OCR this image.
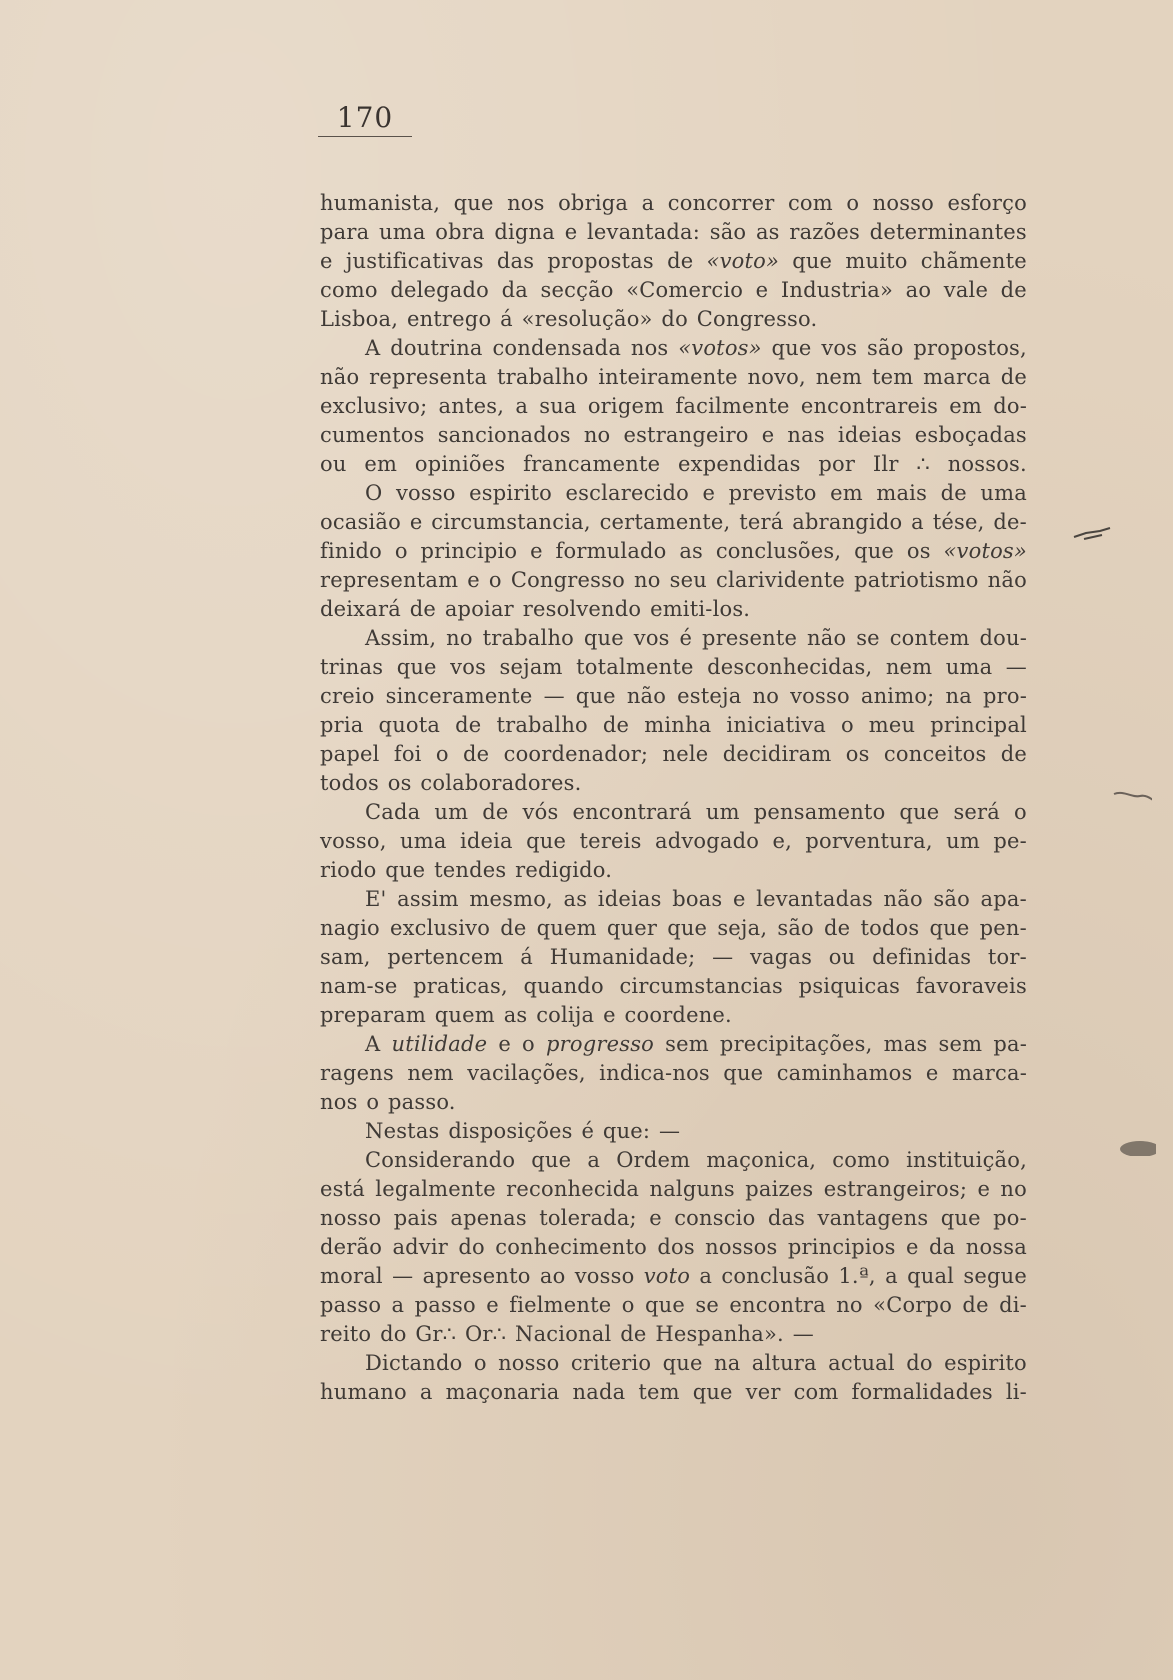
170
humanista, que nos obriga a concorrer com o nosso esforço
para uma obra digna e levantada: são as razões determinantes
e justificativas das propostas de «voto» que muito chãmente
como delegado da secção «Comercio e Industria» ao vale de
Lisboa, entrego á «resolução» do Congresso.
A doutrina condensada nos «votos» que vos são propostos,
não representa trabalho inteiramente novo, nem tem marca de
exclusivo; antes, a sua origem facilmente encontrareis em do-
cumentos sancionados no estrangeiro e nas ideias esboçadas
ou em opiniões francamente expendidas por Ilr ∴ nossos.
O vosso espirito esclarecido e previsto em mais de uma
ocasião e circumstancia, certamente, terá abrangido a tése, de-
finido o principio e formulado as conclusões, que os «votos»
representam e o Congresso no seu clarividente patriotismo não
deixará de apoiar resolvendo emiti-los.
Assim, no trabalho que vos é presente não se contem dou-
trinas que vos sejam totalmente desconhecidas, nem uma —
creio sinceramente — que não esteja no vosso animo; na pro-
pria quota de trabalho de minha iniciativa o meu principal
papel foi o de coordenador; nele decidiram os conceitos de
todos os colaboradores.
Cada um de vós encontrará um pensamento que será o
vosso, uma ideia que tereis advogado e, porventura, um pe-
riodo que tendes redigido.
E' assim mesmo, as ideias boas e levantadas não são apa-
nagio exclusivo de quem quer que seja, são de todos que pen-
sam, pertencem á Humanidade; — vagas ou definidas tor-
nam-se praticas, quando circumstancias psiquicas favoraveis
preparam quem as colija e coordene.
A utilidade e o progresso sem precipitações, mas sem pa-
ragens nem vacilações, indica-nos que caminhamos e marca-
nos o passo.
Nestas disposições é que: —
Considerando que a Ordem maçonica, como instituição,
está legalmente reconhecida nalguns paizes estrangeiros; e no
nosso pais apenas tolerada; e conscio das vantagens que po-
derão advir do conhecimento dos nossos principios e da nossa
moral — apresento ao vosso voto a conclusão 1.ª, a qual segue
passo a passo e fielmente o que se encontra no «Corpo de di-
reito do Gr∴ Or∴ Nacional de Hespanha». —
Dictando o nosso criterio que na altura actual do espirito
humano a maçonaria nada tem que ver com formalidades li-
